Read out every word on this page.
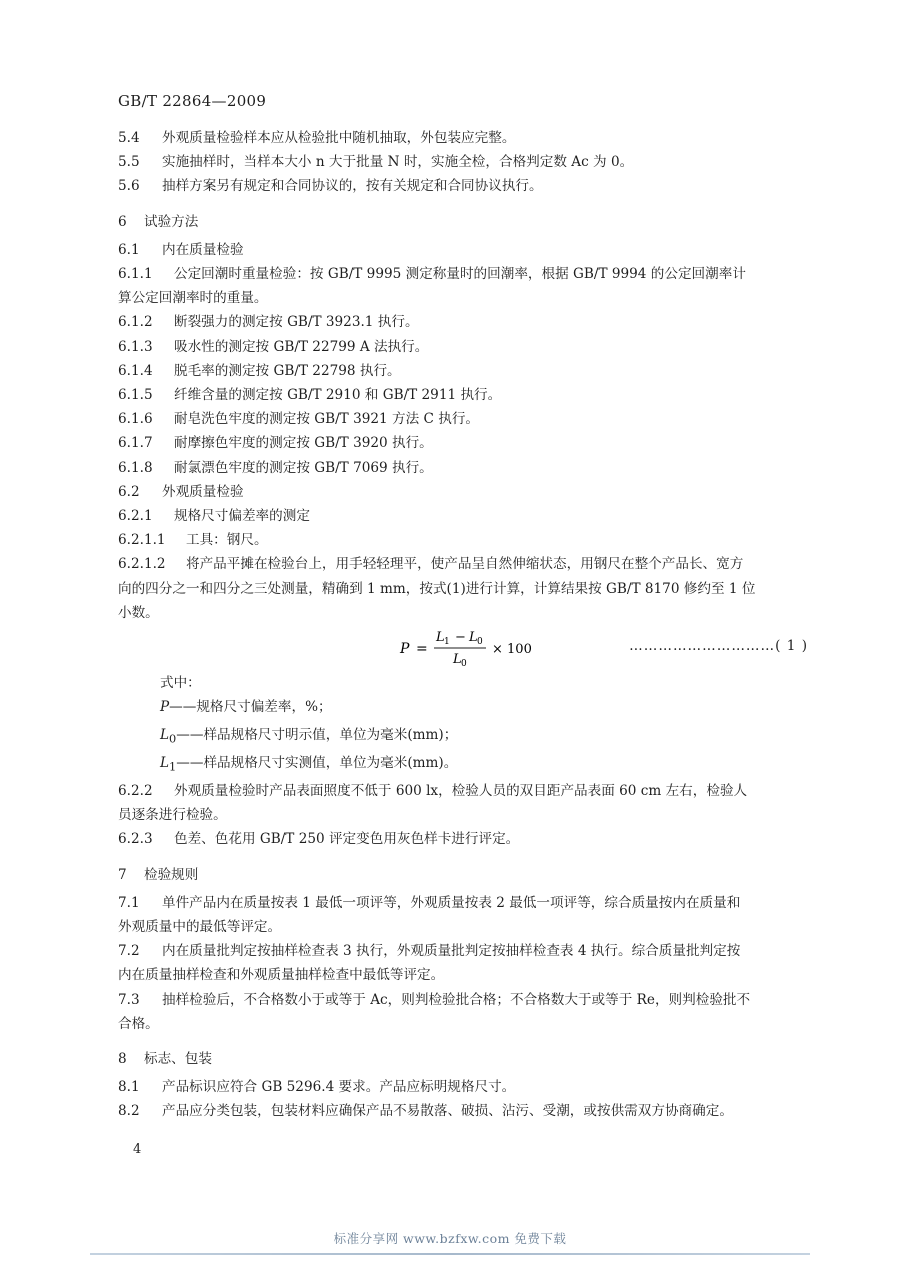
GB/T 22864—2009
5.4 外观质量检验样本应从检验批中随机抽取，外包装应完整。
5.5 实施抽样时，当样本大小 n 大于批量 N 时，实施全检，合格判定数 Ac 为 0。
5.6 抽样方案另有规定和合同协议的，按有关规定和合同协议执行。
6 试验方法
6.1 内在质量检验
6.1.1 公定回潮时重量检验：按 GB/T 9995 测定称量时的回潮率，根据 GB/T 9994 的公定回潮率计
算公定回潮率时的重量。
6.1.2 断裂强力的测定按 GB/T 3923.1 执行。
6.1.3 吸水性的测定按 GB/T 22799 A 法执行。
6.1.4 脱毛率的测定按 GB/T 22798 执行。
6.1.5 纤维含量的测定按 GB/T 2910 和 GB/T 2911 执行。
6.1.6 耐皂洗色牢度的测定按 GB/T 3921 方法 C 执行。
6.1.7 耐摩擦色牢度的测定按 GB/T 3920 执行。
6.1.8 耐氯漂色牢度的测定按 GB/T 7069 执行。
6.2 外观质量检验
6.2.1 规格尺寸偏差率的测定
6.2.1.1 工具：钢尺。
6.2.1.2 将产品平摊在检验台上，用手轻轻理平，使产品呈自然伸缩状态，用钢尺在整个产品长、宽方
向的四分之一和四分之三处测量，精确到 1 mm，按式(1)进行计算，计算结果按 GB/T 8170 修约至 1 位
小数。
P =
L 1 − L 0
L 0
× 100	…………………………( 1 )
式中：
P——规格尺寸偏差率，%；
$L_0——$样品规格尺寸明示值，单位为毫米(mm)；
$L_1——$样品规格尺寸实测值，单位为毫米(mm)。
6.2.2 外观质量检验时产品表面照度不低于 600 lx，检验人员的双目距产品表面 60 cm 左右，检验人
员逐条进行检验。
6.2.3 色差、色花用 GB/T 250 评定变色用灰色样卡进行评定。
7 检验规则
7.1 单件产品内在质量按表 1 最低一项评等，外观质量按表 2 最低一项评等，综合质量按内在质量和
外观质量中的最低等评定。
7.2 内在质量批判定按抽样检查表 3 执行，外观质量批判定按抽样检查表 4 执行。综合质量批判定按
内在质量抽样检查和外观质量抽样检查中最低等评定。
7.3 抽样检验后，不合格数小于或等于 Ac，则判检验批合格；不合格数大于或等于 Re，则判检验批不
合格。
8 标志、包装
8.1 产品标识应符合 GB 5296.4 要求。产品应标明规格尺寸。
8.2 产品应分类包装，包装材料应确保产品不易散落、破损、沾污、受潮，或按供需双方协商确定。
4
标准分享网 www.bzfxw.com 免费下载
